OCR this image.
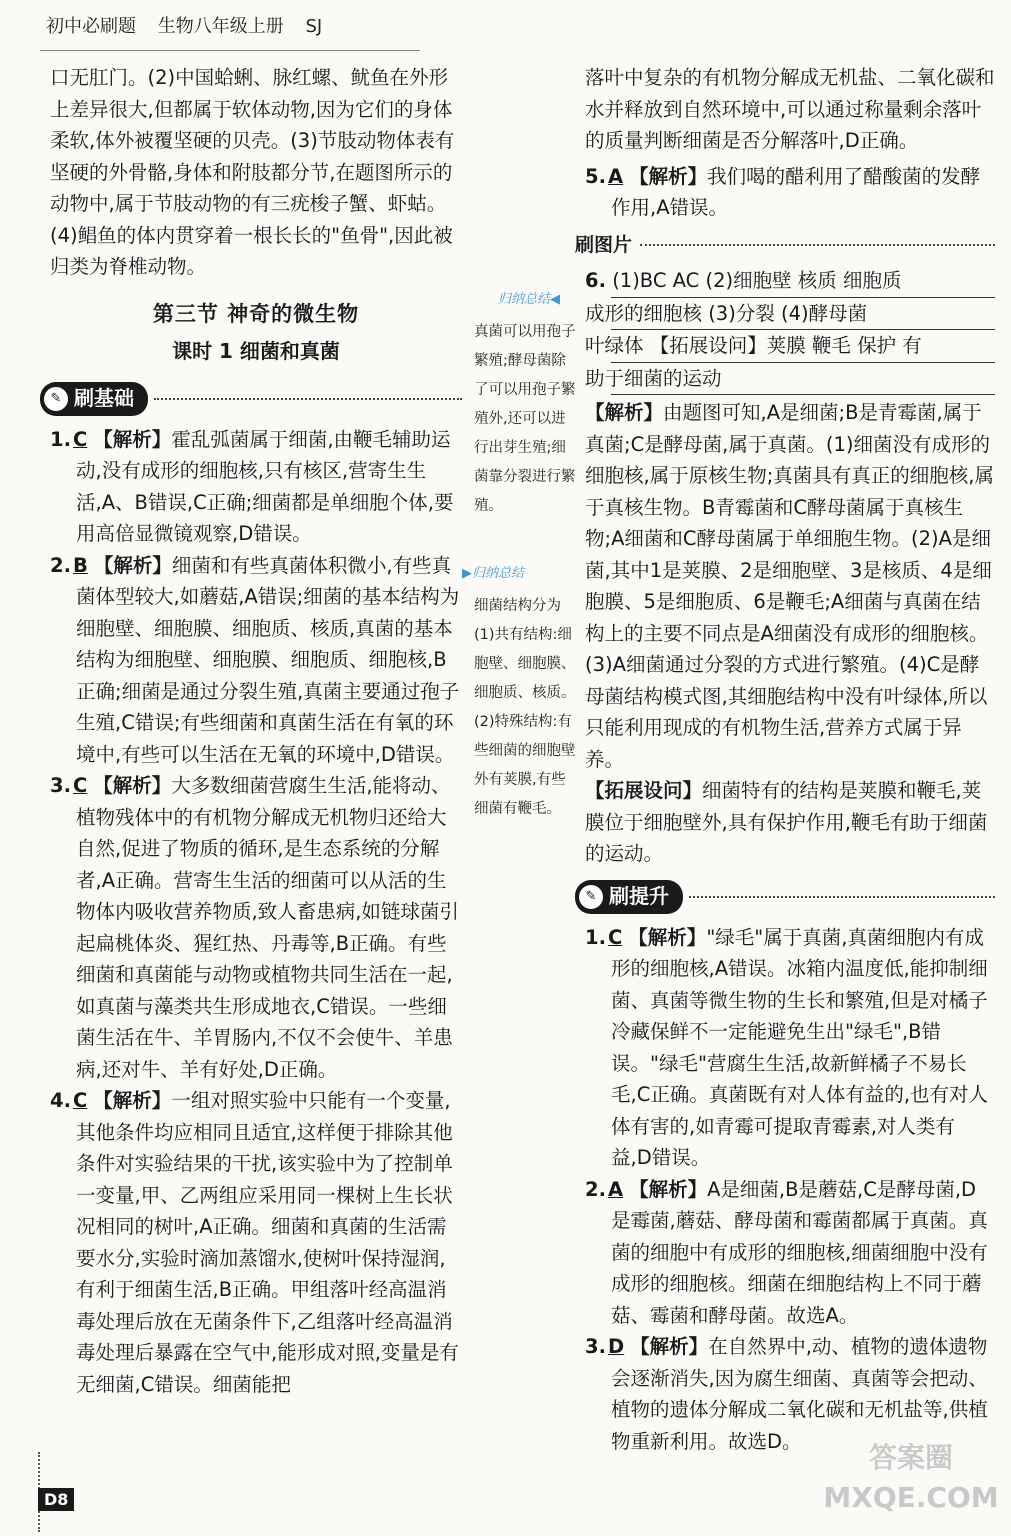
初中必刷题 生物八年级上册 SJ

口无肛门。(2)中国蛤蜊、脉红螺、鱿鱼在外形上差异很大,但都属于软体动物,因为它们的身体柔软,体外被覆坚硬的贝壳。(3)节肢动物体表有坚硬的外骨骼,身体和附肢都分节,在题图所示的动物中,属于节肢动物的有三疣梭子蟹、虾蛄。(4)鲳鱼的体内贯穿着一根长长的"鱼骨",因此被归类为脊椎动物。

第三节 神奇的微生物
课时 1 细菌和真菌
✎ 刷基础

1. C 【解析】霍乱弧菌属于细菌,由鞭毛辅助运动,没有成形的细胞核,只有核区,营寄生生活,A、B错误,C正确;细菌都是单细胞个体,要用高倍显微镜观察,D错误。

2. B 【解析】细菌和有些真菌体积微小,有些真菌体型较大,如蘑菇,A错误;细菌的基本结构为细胞壁、细胞膜、细胞质、核质,真菌的基本结构为细胞壁、细胞膜、细胞质、细胞核,B正确;细菌是通过分裂生殖,真菌主要通过孢子生殖,C错误;有些细菌和真菌生活在有氧的环境中,有些可以生活在无氧的环境中,D错误。

3. C 【解析】大多数细菌营腐生生活,能将动、植物残体中的有机物分解成无机物归还给大自然,促进了物质的循环,是生态系统的分解者,A正确。营寄生生活的细菌可以从活的生物体内吸收营养物质,致人畜患病,如链球菌引起扁桃体炎、猩红热、丹毒等,B正确。有些细菌和真菌能与动物或植物共同生活在一起,如真菌与藻类共生形成地衣,C错误。一些细菌生活在牛、羊胃肠内,不仅不会使牛、羊患病,还对牛、羊有好处,D正确。

4. C 【解析】一组对照实验中只能有一个变量,其他条件均应相同且适宜,这样便于排除其他条件对实验结果的干扰,该实验中为了控制单一变量,甲、乙两组应采用同一棵树上生长状况相同的树叶,A正确。细菌和真菌的生活需要水分,实验时滴加蒸馏水,使树叶保持湿润,有利于细菌生活,B正确。甲组落叶经高温消毒处理后放在无菌条件下,乙组落叶经高温消毒处理后暴露在空气中,能形成对照,变量是有无细菌,C错误。细菌能把

归纳总结◀
真菌可以用孢子繁殖;酵母菌除了可以用孢子繁殖外,还可以进行出芽生殖;细菌靠分裂进行繁殖。
▶归纳总结
细菌结构分为(1)共有结构:细胞壁、细胞膜、细胞质、核质。(2)特殊结构:有些细菌的细胞壁外有荚膜,有些细菌有鞭毛。

落叶中复杂的有机物分解成无机盐、二氧化碳和水并释放到自然环境中,可以通过称量剩余落叶的质量判断细菌是否分解落叶,D正确。

5. A 【解析】我们喝的醋利用了醋酸菌的发酵作用,A错误。

刷图片

6. (1)BC AC (2)细胞壁 核质 细胞质

成形的细胞核 (3)分裂 (4)酵母菌

叶绿体 【拓展设问】荚膜 鞭毛 保护 有

助于细菌的运动

【解析】由题图可知,A是细菌;B是青霉菌,属于真菌;C是酵母菌,属于真菌。(1)细菌没有成形的细胞核,属于原核生物;真菌具有真正的细胞核,属于真核生物。B青霉菌和C酵母菌属于真核生物;A细菌和C酵母菌属于单细胞生物。(2)A是细菌,其中1是荚膜、2是细胞壁、3是核质、4是细胞膜、5是细胞质、6是鞭毛;A细菌与真菌在结构上的主要不同点是A细菌没有成形的细胞核。(3)A细菌通过分裂的方式进行繁殖。(4)C是酵母菌结构模式图,其细胞结构中没有叶绿体,所以只能利用现成的有机物生活,营养方式属于异养。

【拓展设问】细菌特有的结构是荚膜和鞭毛,荚膜位于细胞壁外,具有保护作用,鞭毛有助于细菌的运动。

✎ 刷提升

1. C 【解析】"绿毛"属于真菌,真菌细胞内有成形的细胞核,A错误。冰箱内温度低,能抑制细菌、真菌等微生物的生长和繁殖,但是对橘子冷藏保鲜不一定能避免生出"绿毛",B错误。"绿毛"营腐生生活,故新鲜橘子不易长毛,C正确。真菌既有对人体有益的,也有对人体有害的,如青霉可提取青霉素,对人类有益,D错误。

2. A 【解析】A是细菌,B是蘑菇,C是酵母菌,D是霉菌,蘑菇、酵母菌和霉菌都属于真菌。真菌的细胞中有成形的细胞核,细菌细胞中没有成形的细胞核。细菌在细胞结构上不同于蘑菇、霉菌和酵母菌。故选A。

3. D 【解析】在自然界中,动、植物的遗体遗物会逐渐消失,因为腐生细菌、真菌等会把动、植物的遗体分解成二氧化碳和无机盐等,供植物重新利用。故选D。

D8
答案圈 MXQE.COM
